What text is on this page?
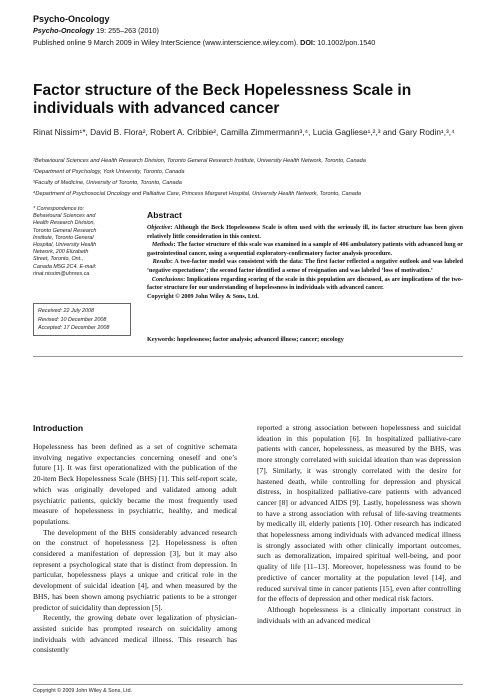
Psycho-Oncology
Psycho-Oncology 19: 255–263 (2010)
Published online 9 March 2009 in Wiley InterScience (www.interscience.wiley.com). DOI: 10.1002/pon.1540
Factor structure of the Beck Hopelessness Scale in individuals with advanced cancer
Rinat Nissim¹*, David B. Flora², Robert A. Cribbie², Camilla Zimmermann³,⁴, Lucia Gagliese¹,²,³ and Gary Rodin¹,³,⁴
¹Behavioural Sciences and Health Research Division, Toronto General Research Institute, University Health Network, Toronto, Canada
²Department of Psychology, York University, Toronto, Canada
³Faculty of Medicine, University of Toronto, Toronto, Canada
⁴Department of Psychosocial Oncology and Palliative Care, Princess Margaret Hospital, University Health Network, Toronto, Canada
* Correspondence to: Behavioural Sciences and Health Research Division, Toronto General Research Institute, Toronto General Hospital, University Health Network, 200 Elizabeth Street, Toronto, Ont., Canada M5G 2C4. E-mail: rinat.nissim@uhnres.ca
Received: 22 July 2008
Revised: 10 December 2008
Accepted: 17 December 2008
Abstract

Objective: Although the Beck Hopelessness Scale is often used with the seriously ill, its factor structure has been given relatively little consideration in this context.

Methods: The factor structure of this scale was examined in a sample of 406 ambulatory patients with advanced lung or gastrointestinal cancer, using a sequential exploratory-confirmatory factor analysis procedure.

Results: A two-factor model was consistent with the data: The first factor reflected a negative outlook and was labeled ‘negative expectations’; the second factor identified a sense of resignation and was labeled ‘loss of motivation.’

Conclusions: Implications regarding scoring of the scale in this population are discussed, as are implications of the two-factor structure for our understanding of hopelessness in individuals with advanced cancer.

Copyright © 2009 John Wiley & Sons, Ltd.

Keywords: hopelessness; factor analysis; advanced illness; cancer; oncology
Introduction

Hopelessness has been defined as a set of cognitive schemata involving negative expectancies concerning oneself and one’s future [1]. It was first operationalized with the publication of the 20-item Beck Hopelessness Scale (BHS) [1]. This self-report scale, which was originally developed and validated among adult psychiatric patients, quickly became the most frequently used measure of hopelessness in psychiatric, healthy, and medical populations.

The development of the BHS considerably advanced research on the construct of hopelessness [2]. Hopelessness is often considered a manifestation of depression [3], but it may also represent a psychological state that is distinct from depression. In particular, hopelessness plays a unique and critical role in the development of suicidal ideation [4], and when measured by the BHS, has been shown among psychiatric patients to be a stronger predictor of suicidality than depression [5].

Recently, the growing debate over legalization of physician-assisted suicide has prompted research on suicidality among individuals with advanced medical illness. This research has consistently

reported a strong association between hopelessness and suicidal ideation in this population [6]. In hospitalized palliative-care patients with cancer, hopelessness, as measured by the BHS, was more strongly correlated with suicidal ideation than was depression [7]. Similarly, it was strongly correlated with the desire for hastened death, while controlling for depression and physical distress, in hospitalized palliative-care patients with advanced cancer [8] or advanced AIDS [9]. Lastly, hopelessness was shown to have a strong association with refusal of life-saving treatments by medically ill, elderly patients [10]. Other research has indicated that hopelessness among individuals with advanced medical illness is strongly associated with other clinically important outcomes, such as demoralization, impaired spiritual well-being, and poor quality of life [11–13]. Moreover, hopelessness was found to be predictive of cancer mortality at the population level [14], and reduced survival time in cancer patients [15], even after controlling for the effects of depression and other medical risk factors.

Although hopelessness is a clinically important construct in individuals with an advanced medical

Copyright © 2009 John Wiley & Sons, Ltd.
